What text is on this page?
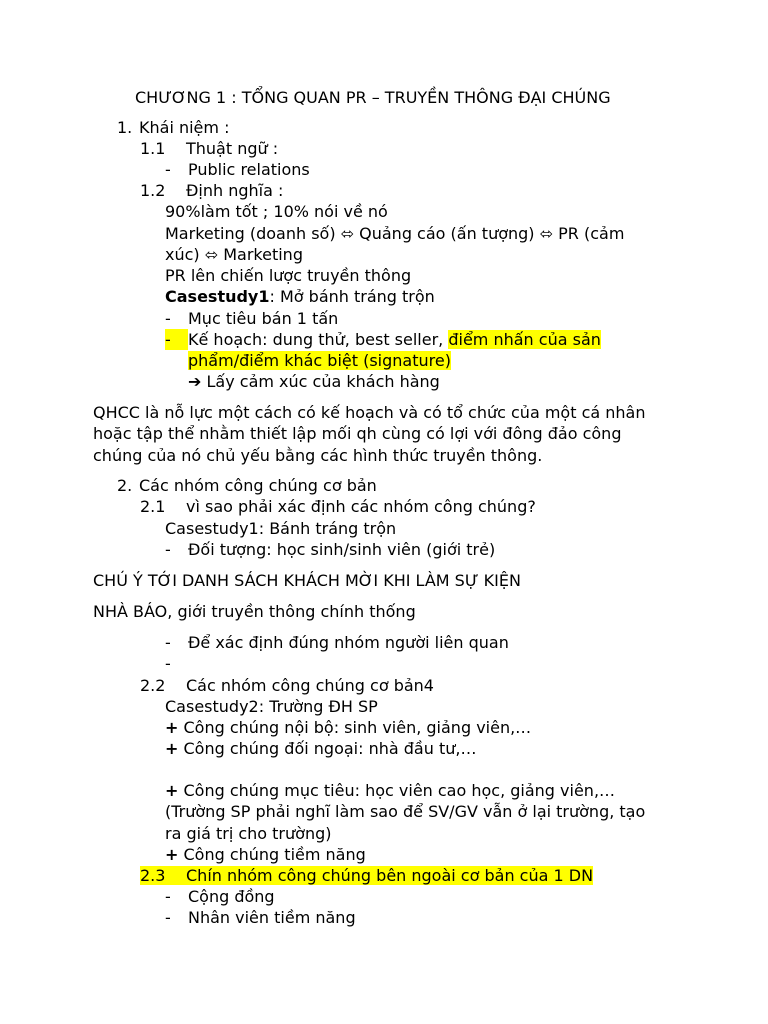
CHƯƠNG 1 : TỔNG QUAN PR – TRUYỀN THÔNG ĐẠI CHÚNG
1. Khái niệm :
1.1 Thuật ngữ :
- Public relations
1.2 Định nghĩa :
90%làm tốt ; 10% nói về nó
Marketing (doanh số) ⬄ Quảng cáo (ấn tượng) ⬄ PR (cảm
xúc) ⬄ Marketing
PR lên chiến lược truyền thông
Casestudy1: Mở bánh tráng trộn
- Mục tiêu bán 1 tấn
- Kế hoạch: dung thử, best seller, điểm nhấn của sản
phẩm/điểm khác biệt (signature)
➔ Lấy cảm xúc của khách hàng
QHCC là nỗ lực một cách có kế hoạch và có tổ chức của một cá nhân
hoặc tập thể nhằm thiết lập mối qh cùng có lợi với đông đảo công
chúng của nó chủ yếu bằng các hình thức truyền thông.
2. Các nhóm công chúng cơ bản
2.1 vì sao phải xác định các nhóm công chúng?
Casestudy1: Bánh tráng trộn
- Đối tượng: học sinh/sinh viên (giới trẻ)
CHÚ Ý TỚI DANH SÁCH KHÁCH MỜI KHI LÀM SỰ KIỆN
NHÀ BÁO, giới truyền thông chính thống
- Để xác định đúng nhóm người liên quan
-
2.2 Các nhóm công chúng cơ bản4
Casestudy2: Trường ĐH SP
+ Công chúng nội bộ: sinh viên, giảng viên,…
+ Công chúng đối ngoại: nhà đầu tư,…
+ Công chúng mục tiêu: học viên cao học, giảng viên,…
(Trường SP phải nghĩ làm sao để SV/GV vẫn ở lại trường, tạo
ra giá trị cho trường)
+ Công chúng tiềm năng
2.3 Chín nhóm công chúng bên ngoài cơ bản của 1 DN
- Cộng đồng
- Nhân viên tiềm năng
